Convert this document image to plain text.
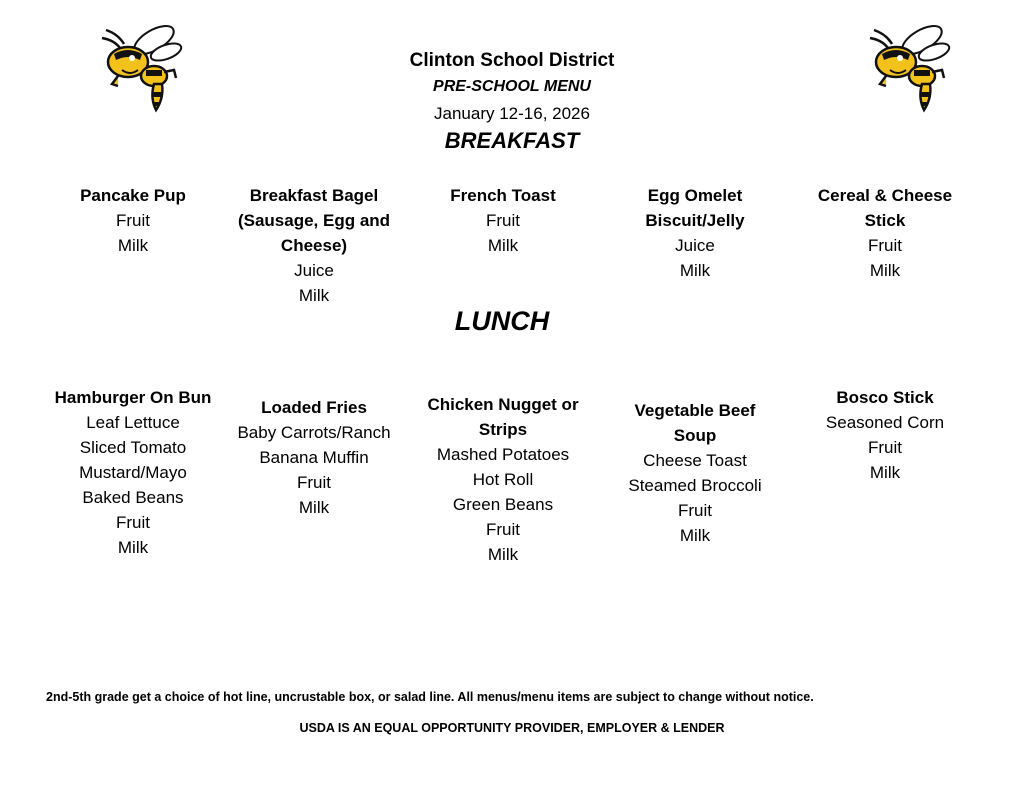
Clinton School District
PRE-SCHOOL MENU
January 12-16, 2026
BREAKFAST
Pancake Pup
Fruit
Milk
Breakfast Bagel (Sausage, Egg and Cheese)
Juice
Milk
French Toast
Fruit
Milk
Egg Omelet Biscuit/Jelly
Juice
Milk
Cereal & Cheese Stick
Fruit
Milk
LUNCH
Hamburger On Bun
Leaf Lettuce
Sliced Tomato
Mustard/Mayo
Baked Beans
Fruit
Milk
Loaded Fries
Baby Carrots/Ranch
Banana Muffin
Fruit
Milk
Chicken Nugget or Strips
Mashed Potatoes
Hot Roll
Green Beans
Fruit
Milk
Vegetable Beef Soup
Cheese Toast
Steamed Broccoli
Fruit
Milk
Bosco Stick
Seasoned Corn
Fruit
Milk
2nd-5th grade get a choice of hot line, uncrustable box, or salad line. All menus/menu items are subject to change without notice.
USDA IS AN EQUAL OPPORTUNITY PROVIDER, EMPLOYER & LENDER
